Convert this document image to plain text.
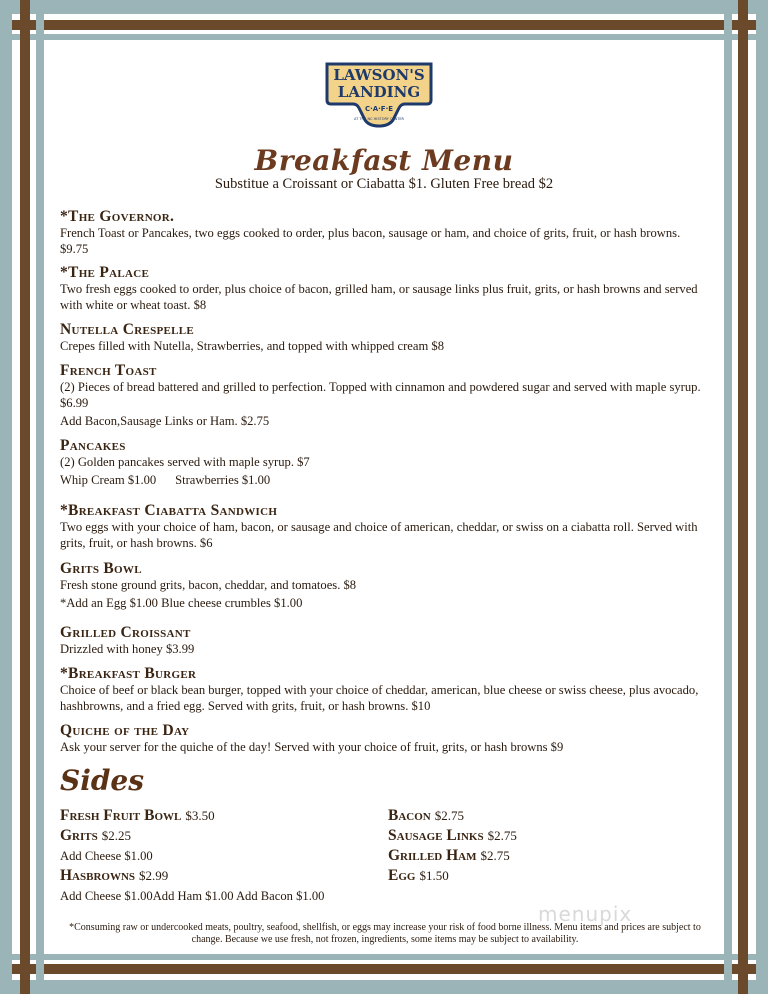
LAWSON'S
LANDING
C·A·F·E
AT THE NC HISTORY CENTER
Breakfast Menu
Substitue a Croissant or Ciabatta $1. Gluten Free bread $2
*The Governor.
French Toast or Pancakes, two eggs cooked to order, plus bacon, sausage or ham, and choice of grits, fruit, or hash browns. $9.75
*The Palace
Two fresh eggs cooked to order, plus choice of bacon, grilled ham, or sausage links plus fruit, grits, or hash browns and served with white or wheat toast. $8
Nutella Crespelle
Crepes filled with Nutella, Strawberries, and topped with whipped cream $8
French Toast
(2) Pieces of bread battered and grilled to perfection. Topped with cinnamon and powdered sugar and served with maple syrup. $6.99
Add Bacon,Sausage Links or Ham. $2.75
Pancakes
(2) Golden pancakes served with maple syrup. $7
Whip Cream $1.00      Strawberries $1.00
*Breakfast Ciabatta Sandwich
Two eggs with your choice of ham, bacon, or sausage and choice of american, cheddar, or swiss on a ciabatta roll. Served with grits, fruit, or hash browns. $6
Grits Bowl
Fresh stone ground grits, bacon, cheddar, and tomatoes. $8
*Add an Egg $1.00 Blue cheese crumbles $1.00
Grilled Croissant
Drizzled with honey $3.99
*Breakfast Burger
Choice of beef or black bean burger, topped with your choice of cheddar, american, blue cheese or swiss cheese, plus avocado, hashbrowns, and a fried egg. Served with grits, fruit, or hash browns. $10
Quiche of the Day
Ask your server for the quiche of the day! Served with your choice of fruit, grits, or hash browns $9
Sides
Fresh Fruit Bowl $3.50
Grits $2.25
Add Cheese $1.00
Hasbrowns $2.99
Add Cheese $1.00Add Ham $1.00 Add Bacon $1.00
Bacon $2.75
Sausage Links $2.75
Grilled Ham $2.75
Egg $1.50
menupix
*Consuming raw or undercooked meats, poultry, seafood, shellfish, or eggs may increase your risk of food borne illness. Menu items and prices are subject to change. Because we use fresh, not frozen, ingredients, some items may be subject to availability.
